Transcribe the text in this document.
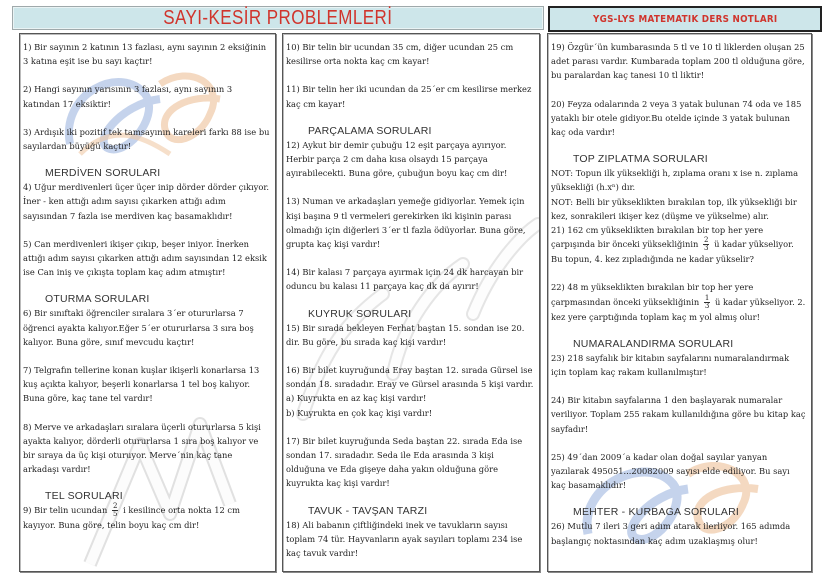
SAYI-KESİR PROBLEMLERİ	YGS-LYS MATEMATİK DERS NOTLARI

1) Bir sayının 2 katının 13 fazlası, aynı sayının 2 eksiğinin 3 katına eşit ise bu sayı kaçtır!

2) Hangi sayının yarısının 3 fazlası, aynı sayının 3 katından 17 eksiktir!

3) Ardışık iki pozitif tek tamsayının kareleri farkı 88 ise bu sayılardan büyüğü kaçtır!

MERDİVEN SORULARI

4) Uğur merdivenleri üçer üçer inip dörder dörder çıkıyor. İner - ken attığı adım sayısı çıkarken attığı adım sayısından 7 fazla ise merdiven kaç basamaklıdır!

5) Can merdivenleri ikişer çıkıp, beşer iniyor. İnerken attığı adım sayısı çıkarken attığı adım sayısından 12 eksik ise Can iniş ve çıkışta toplam kaç adım atmıştır!

OTURMA SORULARI

6) Bir sınıftaki öğrenciler sıralara 3´er otururlarsa 7 öğrenci ayakta kalıyor.Eğer 5´er otururlarsa 3 sıra boş kalıyor. Buna göre, sınıf mevcudu kaçtır!

7) Telgrafın tellerine konan kuşlar ikişerli konarlarsa 13 kuş açıkta kalıyor, beşerli konarlarsa 1 tel boş kalıyor. Buna göre, kaç tane tel vardır!

8) Merve ve arkadaşları sıralara üçerli otururlarsa 5 kişi ayakta kalıyor, dörderli otururlarsa 1 sıra boş kalıyor ve bir sıraya da üç kişi oturuyor. Merve´nin kaç tane arkadaşı vardır!

TEL SORULARI

9) Bir telin ucundan $\frac{2}{5}$ i kesilince orta nokta 12 cm kayıyor. Buna göre, telin boyu kaç cm dir!

10) Bir telin bir ucundan 35 cm, diğer ucundan 25 cm kesilirse orta nokta kaç cm kayar!

11) Bir telin her iki ucundan da 25´er cm kesilirse merkez kaç cm kayar!

PARÇALAMA SORULARI

12) Aykut bir demir çubuğu 12 eşit parçaya ayırıyor. Herbir parça 2 cm daha kısa olsaydı 15 parçaya ayırabilecekti. Buna göre, çubuğun boyu kaç cm dir!

13) Numan ve arkadaşları yemeğe gidiyorlar. Yemek için kişi başına 9 tl vermeleri gerekirken iki kişinin parası olmadığı için diğerleri 3´er tl fazla ödüyorlar. Buna göre, grupta kaç kişi vardır!

14) Bir kalası 7 parçaya ayırmak için 24 dk harcayan bir oduncu bu kalası 11 parçaya kaç dk da ayırır!

KUYRUK SORULARI

15) Bir sırada bekleyen Ferhat baştan 15. sondan ise 20. dir. Bu göre, bu sırada kaç kişi vardır!

16) Bir bilet kuyruğunda Eray baştan 12. sırada Gürsel ise sondan 18. sıradadır. Eray ve Gürsel arasında 5 kişi vardır.
a) Kuyrukta en az kaç kişi vardır!
b) Kuyrukta en çok kaç kişi vardır!

17) Bir bilet kuyruğunda Seda baştan 22. sırada Eda ise sondan 17. sıradadır. Seda ile Eda arasında 3 kişi olduğuna ve Eda gişeye daha yakın olduğuna göre kuyrukta kaç kişi vardır!

TAVUK - TAVŞAN TARZI

18) Ali babanın çiftliğindeki inek ve tavukların sayısı toplam 74 tür. Hayvanların ayak sayıları toplamı 234 ise kaç tavuk vardır!

19) Özgür´ün kumbarasında 5 tl ve 10 tl liklerden oluşan 25 adet parası vardır. Kumbarada toplam 200 tl olduğuna göre, bu paralardan kaç tanesi 10 tl liktir!

20) Feyza odalarında 2 veya 3 yatak bulunan 74 oda ve 185 yataklı bir otele gidiyor.Bu otelde içinde 3 yatak bulunan kaç oda vardır!

TOP ZIPLATMA SORULARI

NOT: Topun ilk yüksekliği h, zıplama oranı x ise n. zıplama yüksekliği (h.xⁿ) dır.

NOT: Belli bir yükseklikten bırakılan top, ilk yüksekliği bir kez, sonrakileri ikişer kez (düşme ve yükselme) alır.

21) 162 cm yükseklikten bırakılan bir top her yere çarpışında bir önceki yüksekliğinin $\frac{2}{3}$ ü kadar yükseliyor. Bu topun, 4. kez zıpladığında ne kadar yükselir?

22) 48 m yükseklikten bırakılan bir top her yere çarpmasından önceki yüksekliğinin $\frac{1}{3}$ ü kadar yükseliyor. 2. kez yere çarptığında toplam kaç m yol almış olur!

NUMARALANDIRMA SORULARI

23) 218 sayfalık bir kitabın sayfalarını numaralandırmak için toplam kaç rakam kullanılmıştır!

24) Bir kitabın sayfalarına 1 den başlayarak numaralar veriliyor. Toplam 255 rakam kullanıldığına göre bu kitap kaç sayfadır!

25) 49´dan 2009´a kadar olan doğal sayılar yanyan yazılarak 495051...20082009 sayısı elde ediliyor. Bu sayı kaç basamaklıdır!

MEHTER - KURBAGA SORULARI

26) Mutlu 7 ileri 3 geri adım atarak ilerliyor. 165 adımda başlangıç noktasından kaç adım uzaklaşmış olur!
